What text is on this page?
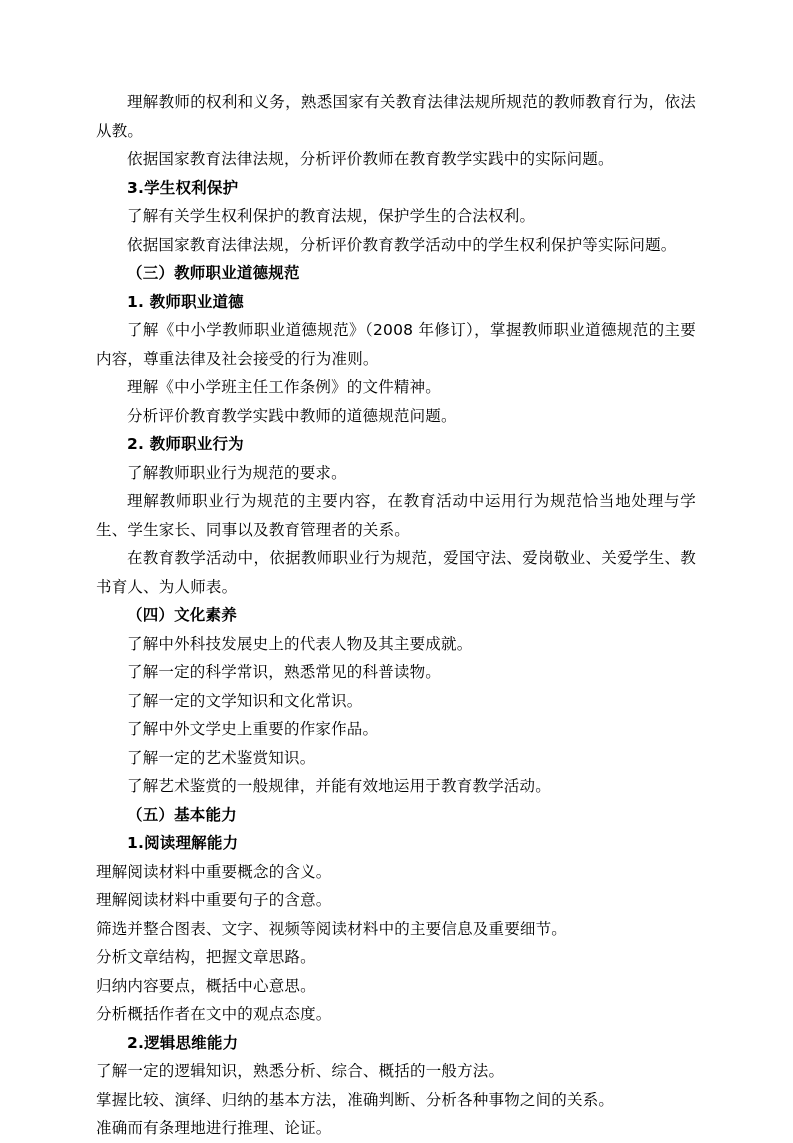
理解教师的权利和义务，熟悉国家有关教育法律法规所规范的教师教育行为，依法从教。

依据国家教育法律法规，分析评价教师在教育教学实践中的实际问题。

3.学生权利保护

了解有关学生权利保护的教育法规，保护学生的合法权利。

依据国家教育法律法规，分析评价教育教学活动中的学生权利保护等实际问题。

（三）教师职业道德规范

1. 教师职业道德

了解《中小学教师职业道德规范》（2008 年修订），掌握教师职业道德规范的主要内容，尊重法律及社会接受的行为准则。

理解《中小学班主任工作条例》的文件精神。

分析评价教育教学实践中教师的道德规范问题。

2. 教师职业行为

了解教师职业行为规范的要求。

理解教师职业行为规范的主要内容，在教育活动中运用行为规范恰当地处理与学生、学生家长、同事以及教育管理者的关系。

在教育教学活动中，依据教师职业行为规范，爱国守法、爱岗敬业、关爱学生、教书育人、为人师表。

（四）文化素养

了解中外科技发展史上的代表人物及其主要成就。

了解一定的科学常识，熟悉常见的科普读物。

了解一定的文学知识和文化常识。

了解中外文学史上重要的作家作品。

了解一定的艺术鉴赏知识。

了解艺术鉴赏的一般规律，并能有效地运用于教育教学活动。

（五）基本能力

1.阅读理解能力

理解阅读材料中重要概念的含义。

理解阅读材料中重要句子的含意。

筛选并整合图表、文字、视频等阅读材料中的主要信息及重要细节。

分析文章结构，把握文章思路。

归纳内容要点，概括中心意思。

分析概括作者在文中的观点态度。

2.逻辑思维能力

了解一定的逻辑知识，熟悉分析、综合、概括的一般方法。

掌握比较、演绎、归纳的基本方法，准确判断、分析各种事物之间的关系。

准确而有条理地进行推理、论证。
